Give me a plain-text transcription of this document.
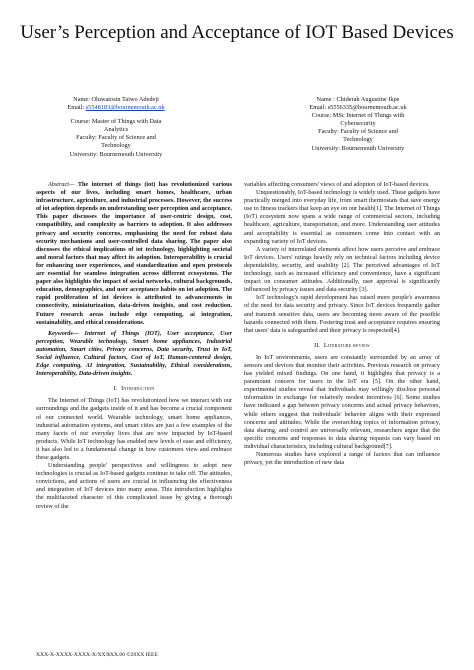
User’s Perception and Acceptance of IOT Based Devices
Name: Oluwatosin Taiwo Adedeji
Email: s5548183@bournemouth.ac.uk
Course: Master of Things with Data Analytics
Faculty: Faculty of Science and Technology
University: Bournemouth University
Name : Chiderah Augustine Ikpe
Email: s5556335@bournemouth.ac.uk
Course: MSc Internet of Things with Cybersecurity
Faculty: Faculty of Science and Technology
University: Bournemouth University

Abstract— The internet of things (iot) has revolutionized various aspects of our lives, including smart homes, healthcare, urban infrastructure, agriculture, and industrial processes. However, the success of iot adoption depends on understanding user perception and acceptance. This paper discusses the importance of user-centric design, cost, compatibility, and complexity as barriers to adoption. It also addresses privacy and security concerns, emphasizing the need for robust data security mechanisms and user-controlled data sharing. The paper also discusses the ethical implications of iot technology, highlighting societal and moral factors that may affect its adoption. Interoperability is crucial for enhancing user experiences, and standardization and open protocols are essential for seamless integration across different ecosystems. The paper also highlights the impact of social networks, cultural backgrounds, education, demographics, and user acceptance habits on iot adoption. The rapid proliferation of iot devices is attributed to advancements in connectivity, miniaturization, data-driven insights, and cost reduction. Future research areas include edge computing, ai integration, sustainability, and ethical considerations.

Keywords— Internet of Things (IOT), User acceptance, User perception, Wearable technology, Smart home appliances, Industrial automation, Smart cities, Privacy concerns, Data security, Trust in IoT, Social influence, Cultural factors, Cost of IoT, Human-centered design, Edge computing, AI integration, Sustainability, Ethical considerations, Interoperability, Data-driven insights.

I. Introduction

The Internet of Things (IoT) has revolutionized how we interact with our surroundings and the gadgets inside of it and has become a crucial component of our connected world. Wearable technology, smart home appliances, industrial automation systems, and smart cities are just a few examples of the many facets of our everyday lives that are now impacted by IoT-based products. While IoT technology has enabled new levels of ease and efficiency, it has also led to a fundamental change in how customers view and embrace these gadgets.

Understanding people' perspectives and willingness to adopt new technologies is crucial as IoT-based gadgets continue to take off. The attitudes, convictions, and actions of users are crucial in influencing the effectiveness and integration of IoT devices into many areas. This introduction highlights the multifaceted character of this complicated issue by giving a thorough review of the

variables affecting consumers' views of and adoption of IoT-based devices.

Unquestionably, IoT-based technology is widely used. These gadgets have practically merged into everyday life, from smart thermostats that save energy use to fitness trackers that keep an eye on our health[1]. The Internet of Things (IoT) ecosystem now spans a wide range of commercial sectors, including healthcare, agriculture, transportation, and more. Understanding user attitudes and acceptability is essential as consumers come into contact with an expanding variety of IoT devices.

A variety of interrelated elements affect how users perceive and embrace IoT devices. Users' ratings heavily rely on technical factors including device dependability, security, and usability [2]. The perceived advantages of IoT technology, such as increased efficiency and convenience, have a significant impact on consumer attitudes. Additionally, user approval is significantly influenced by privacy issues and data security [3].

IoT technology's rapid development has raised more people's awareness of the need for data security and privacy. Since IoT devices frequently gather and transmit sensitive data, users are becoming more aware of the possible hazards connected with them. Fostering trust and acceptance requires ensuring that users' data is safeguarded and their privacy is respected[4].

II. Literature review

In IoT environments, users are constantly surrounded by an array of sensors and devices that monitor their activities. Previous research on privacy has yielded mixed findings. On one hand, it highlights that privacy is a paramount concern for users in the IoT era [5]. On the other hand, experimental studies reveal that individuals may willingly disclose personal information in exchange for relatively modest incentives [6]. Some studies have indicated a gap between privacy concerns and actual privacy behaviors, while others suggest that individuals' behavior aligns with their expressed concerns and attitudes. While the overarching topics of information privacy, data sharing, and control are universally relevant, researchers argue that the specific concerns and responses to data sharing requests can vary based on individual characteristics, including cultural background[7].

Numerous studies have explored a range of factors that can influence privacy, yet the introduction of new data

XXX-X-XXXX-XXXX-X/XX/$XX.00 ©20XX IEEE
